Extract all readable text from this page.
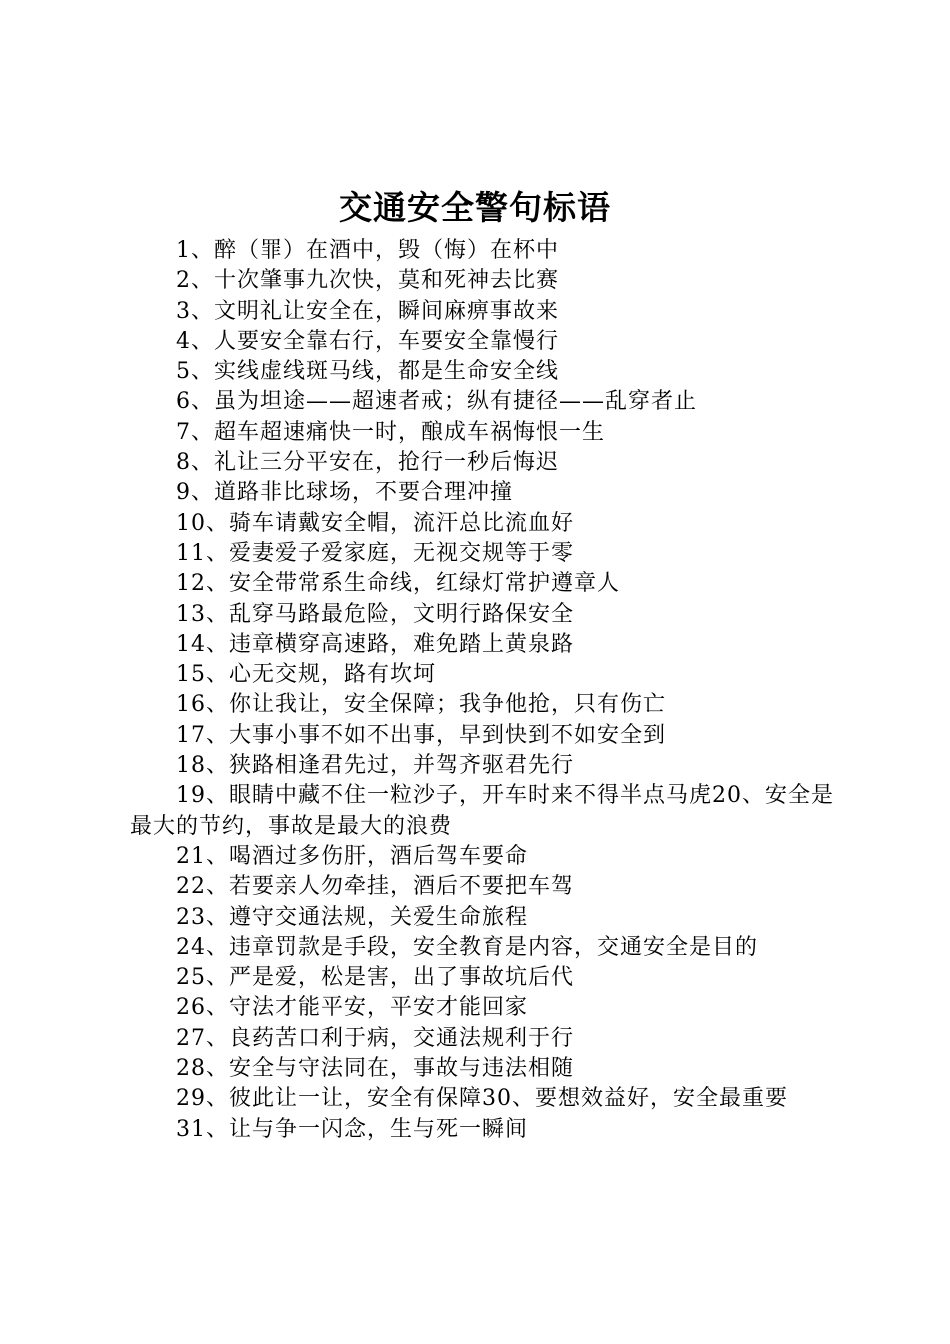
交通安全警句标语

1、醉（罪）在酒中，毁（悔）在杯中

2、十次肇事九次快，莫和死神去比赛

3、文明礼让安全在，瞬间麻痹事故来

4、人要安全靠右行，车要安全靠慢行

5、实线虚线斑马线，都是生命安全线

6、虽为坦途——超速者戒；纵有捷径——乱穿者止

7、超车超速痛快一时，酿成车祸悔恨一生

8、礼让三分平安在，抢行一秒后悔迟

9、道路非比球场，不要合理冲撞

10、骑车请戴安全帽，流汗总比流血好

11、爱妻爱子爱家庭，无视交规等于零

12、安全带常系生命线，红绿灯常护遵章人

13、乱穿马路最危险，文明行路保安全

14、违章横穿高速路，难免踏上黄泉路

15、心无交规，路有坎坷

16、你让我让，安全保障；我争他抢，只有伤亡

17、大事小事不如不出事，早到快到不如安全到

18、狭路相逢君先过，并驾齐驱君先行

19、眼睛中藏不住一粒沙子，开车时来不得半点马虎20、安全是最大的节约，事故是最大的浪费

21、喝酒过多伤肝，酒后驾车要命

22、若要亲人勿牵挂，酒后不要把车驾

23、遵守交通法规，关爱生命旅程

24、违章罚款是手段，安全教育是内容，交通安全是目的

25、严是爱，松是害，出了事故坑后代

26、守法才能平安，平安才能回家

27、良药苦口利于病，交通法规利于行

28、安全与守法同在，事故与违法相随

29、彼此让一让，安全有保障30、要想效益好，安全最重要

31、让与争一闪念，生与死一瞬间
